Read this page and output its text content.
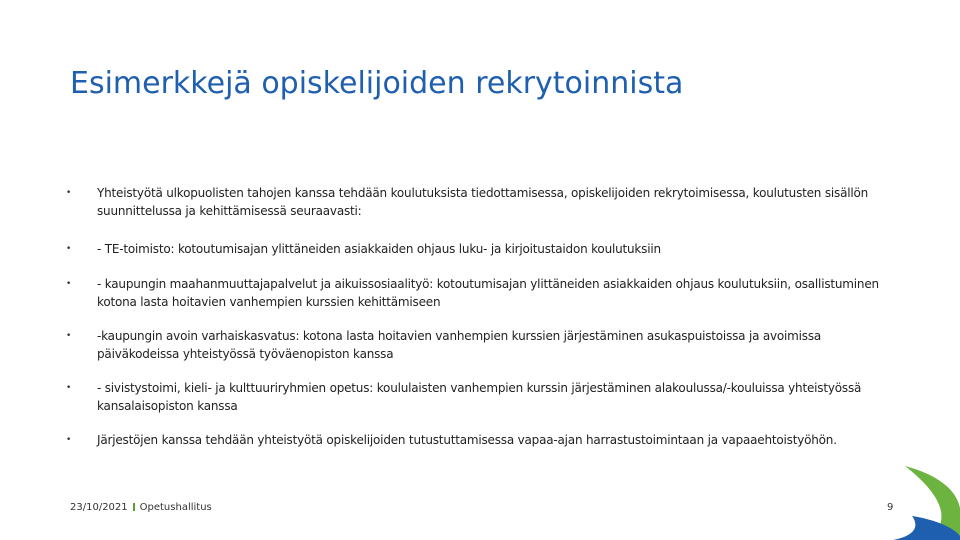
Esimerkkejä opiskelijoiden rekrytoinnista
• Yhteistyötä ulkopuolisten tahojen kanssa tehdään koulutuksista tiedottamisessa, opiskelijoiden rekrytoimisessa, koulutusten sisällön suunnittelussa ja kehittämisessä seuraavasti:
• - TE-toimisto: kotoutumisajan ylittäneiden asiakkaiden ohjaus luku- ja kirjoitustaidon koulutuksiin
• - kaupungin maahanmuuttajapalvelut ja aikuissosiaalityö: kotoutumisajan ylittäneiden asiakkaiden ohjaus koulutuksiin, osallistuminen kotona lasta hoitavien vanhempien kurssien kehittämiseen
• -kaupungin avoin varhaiskasvatus: kotona lasta hoitavien vanhempien kurssien järjestäminen asukaspuistoissa ja avoimissa päiväkodeissa yhteistyössä työväenopiston kanssa
• - sivistystoimi, kieli- ja kulttuuriryhmien opetus: koululaisten vanhempien kurssin järjestäminen alakoulussa/-kouluissa yhteistyössä kansalaisopiston kanssa
• Järjestöjen kanssa tehdään yhteistyötä opiskelijoiden tutustuttamisessa vapaa-ajan harrastustoimintaan ja vapaaehtoistyöhön.
23/10/2021 Opetushallitus	9
